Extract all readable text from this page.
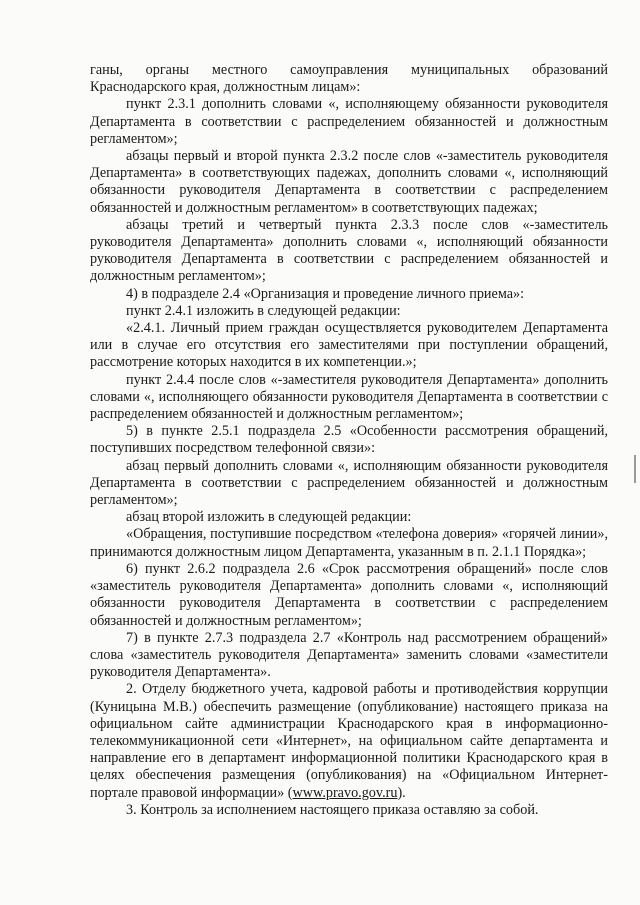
ганы, органы местного самоуправления муниципальных образований Краснодарского края, должностным лицам»:

пункт 2.3.1 дополнить словами «, исполняющему обязанности руководителя Департамента в соответствии с распределением обязанностей и должностным регламентом»;

абзацы первый и второй пункта 2.3.2 после слов «-заместитель руководителя Департамента» в соответствующих падежах, дополнить словами «, исполняющий обязанности руководителя Департамента в соответствии с распределением обязанностей и должностным регламентом» в соответствующих падежах;

абзацы третий и четвертый пункта 2.3.3 после слов «-заместитель руководителя Департамента» дополнить словами «, исполняющий обязанности руководителя Департамента в соответствии с распределением обязанностей и должностным регламентом»;

4) в подразделе 2.4 «Организация и проведение личного приема»:

пункт 2.4.1 изложить в следующей редакции:

«2.4.1. Личный прием граждан осуществляется руководителем Департамента или в случае его отсутствия его заместителями при поступлении обращений, рассмотрение которых находится в их компетенции.»;

пункт 2.4.4 после слов «-заместителя руководителя Департамента» дополнить словами «, исполняющего обязанности руководителя Департамента в соответствии с распределением обязанностей и должностным регламентом»;

5) в пункте 2.5.1 подраздела 2.5 «Особенности рассмотрения обращений, поступивших посредством телефонной связи»:

абзац первый дополнить словами «, исполняющим обязанности руководителя Департамента в соответствии с распределением обязанностей и должностным регламентом»;

абзац второй изложить в следующей редакции:

«Обращения, поступившие посредством «телефона доверия» «горячей линии», принимаются должностным лицом Департамента, указанным в п. 2.1.1 Порядка»;

6) пункт 2.6.2 подраздела 2.6 «Срок рассмотрения обращений» после слов «заместитель руководителя Департамента» дополнить словами «, исполняющий обязанности руководителя Департамента в соответствии с распределением обязанностей и должностным регламентом»;

7) в пункте 2.7.3 подраздела 2.7 «Контроль над рассмотрением обращений» слова «заместитель руководителя Департамента» заменить словами «заместители руководителя Департамента».

2. Отделу бюджетного учета, кадровой работы и противодействия коррупции (Куницына М.В.) обеспечить размещение (опубликование) настоящего приказа на официальном сайте администрации Краснодарского края в информационно-телекоммуникационной сети «Интернет», на официальном сайте департамента и направление его в департамент информационной политики Краснодарского края в целях обеспечения размещения (опубликования) на «Официальном Интернет-портале правовой информации» (www.pravo.gov.ru).

3. Контроль за исполнением настоящего приказа оставляю за собой.
